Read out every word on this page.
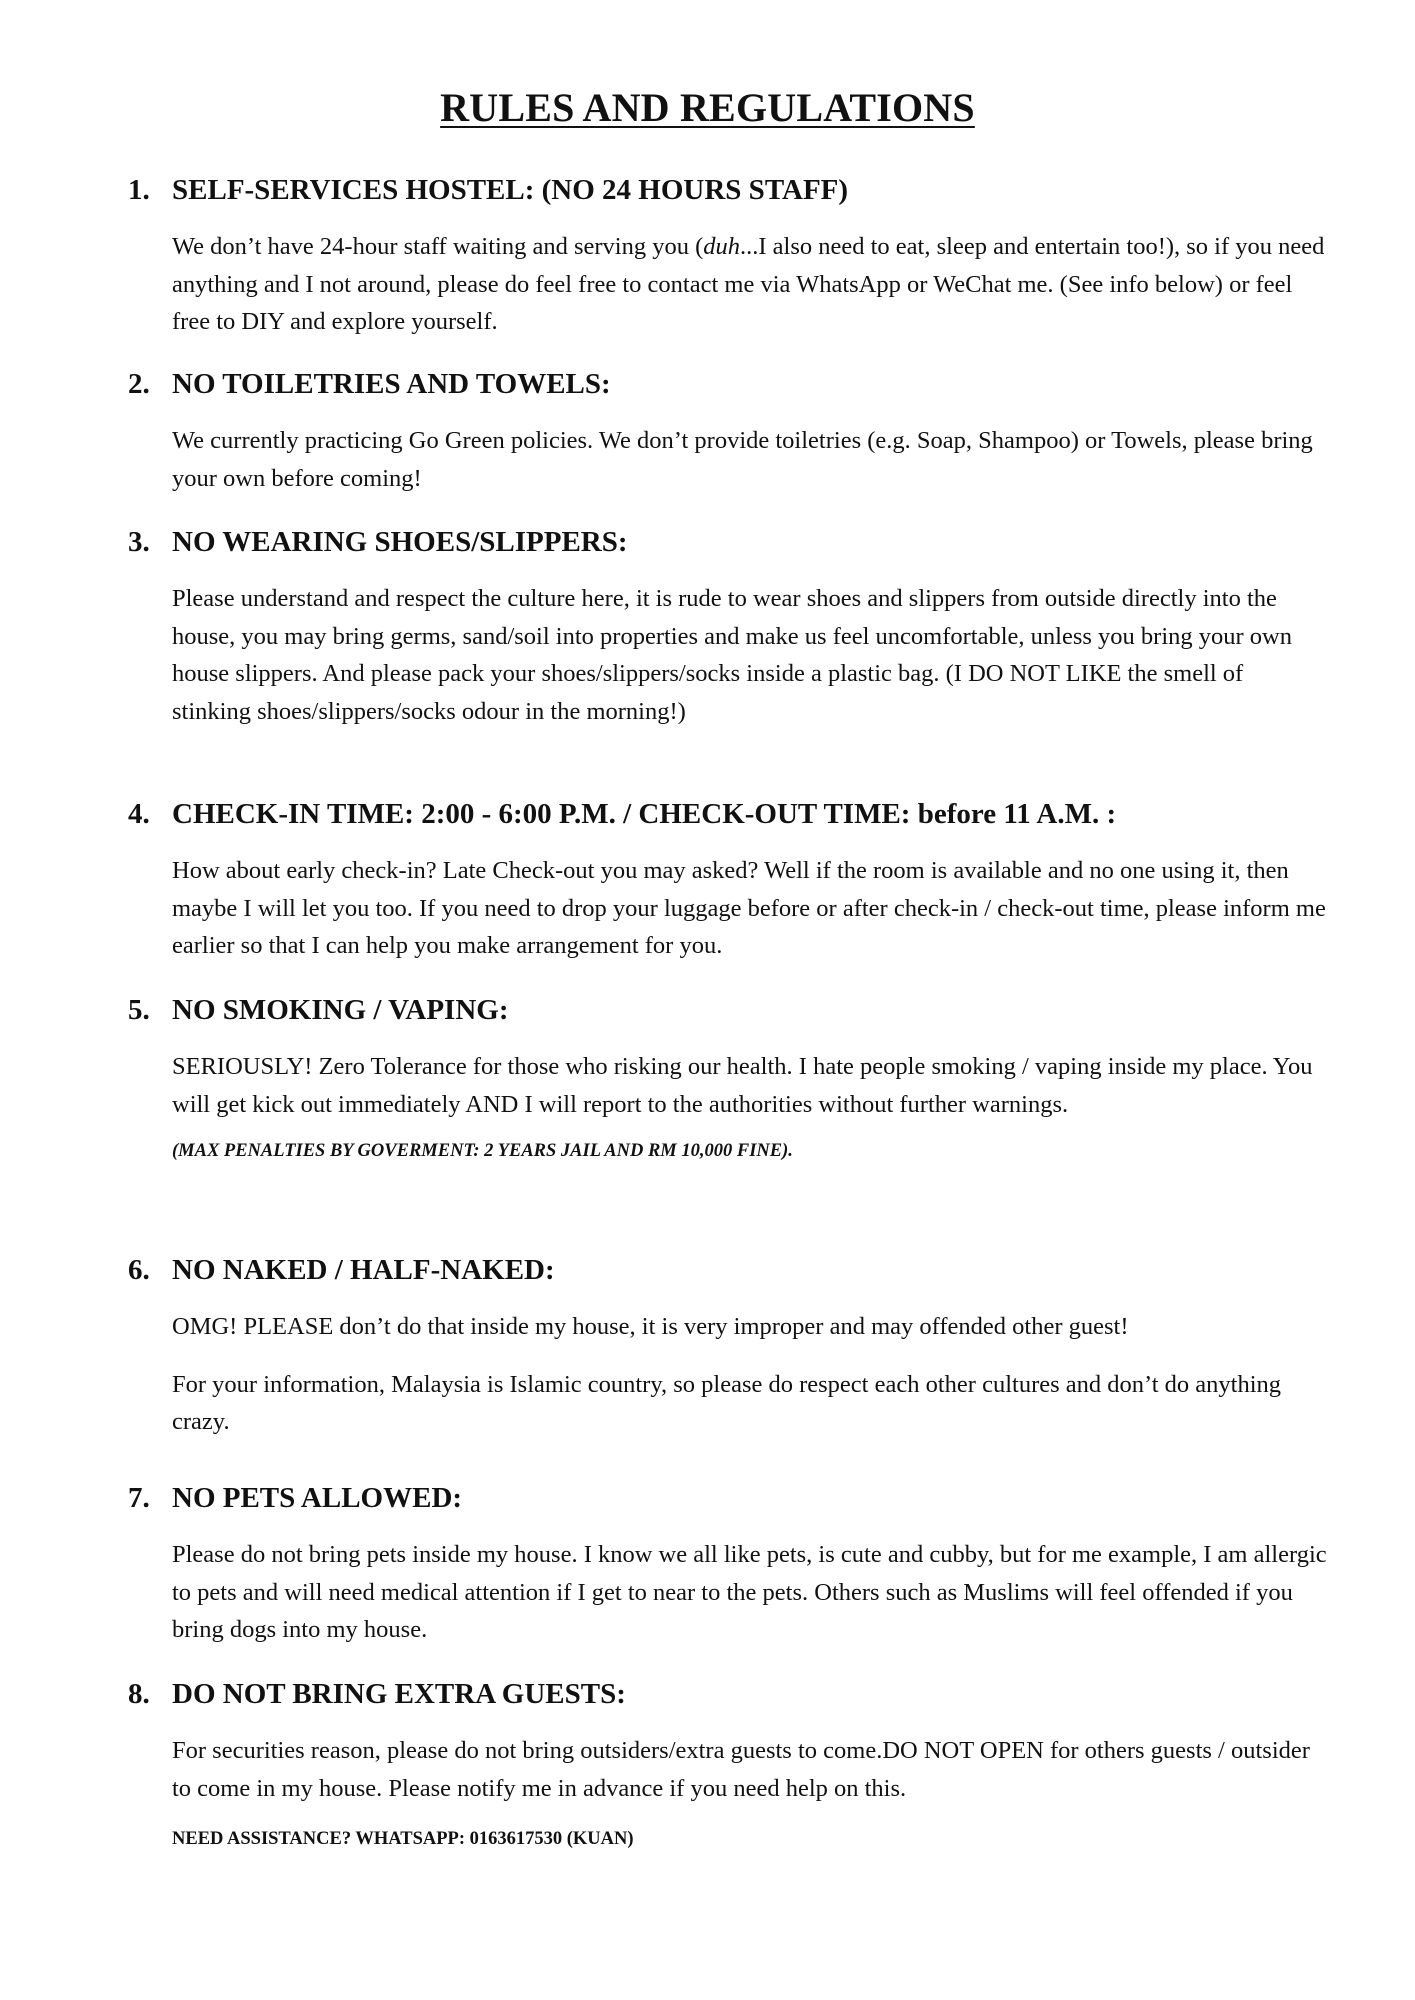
RULES AND REGULATIONS
1. SELF-SERVICES HOSTEL: (NO 24 HOURS STAFF)
We don’t have 24-hour staff waiting and serving you (duh...I also need to eat, sleep and entertain too!), so if you need anything and I not around, please do feel free to contact me via WhatsApp or WeChat me. (See info below) or feel free to DIY and explore yourself.
2. NO TOILETRIES AND TOWELS:
We currently practicing Go Green policies. We don’t provide toiletries (e.g. Soap, Shampoo) or Towels, please bring your own before coming!
3. NO WEARING SHOES/SLIPPERS:
Please understand and respect the culture here, it is rude to wear shoes and slippers from outside directly into the house, you may bring germs, sand/soil into properties and make us feel uncomfortable, unless you bring your own house slippers. And please pack your shoes/slippers/socks inside a plastic bag. (I DO NOT LIKE the smell of stinking shoes/slippers/socks odour in the morning!)
4. CHECK-IN TIME: 2:00 - 6:00 P.M. / CHECK-OUT TIME: before 11 A.M. :
How about early check-in? Late Check-out you may asked? Well if the room is available and no one using it, then maybe I will let you too. If you need to drop your luggage before or after check-in / check-out time, please inform me earlier so that I can help you make arrangement for you.
5. NO SMOKING / VAPING:
SERIOUSLY! Zero Tolerance for those who risking our health. I hate people smoking / vaping inside my place. You will get kick out immediately AND I will report to the authorities without further warnings.
(MAX PENALTIES BY GOVERMENT: 2 YEARS JAIL AND RM 10,000 FINE).
6. NO NAKED / HALF-NAKED:
OMG! PLEASE don’t do that inside my house, it is very improper and may offended other guest!
For your information, Malaysia is Islamic country, so please do respect each other cultures and don’t do anything crazy.
7. NO PETS ALLOWED:
Please do not bring pets inside my house. I know we all like pets, is cute and cubby, but for me example, I am allergic to pets and will need medical attention if I get to near to the pets. Others such as Muslims will feel offended if you bring dogs into my house.
8. DO NOT BRING EXTRA GUESTS:
For securities reason, please do not bring outsiders/extra guests to come.DO NOT OPEN for others guests / outsider to come in my house. Please notify me in advance if you need help on this.
NEED ASSISTANCE? WHATSAPP: 0163617530 (KUAN)
